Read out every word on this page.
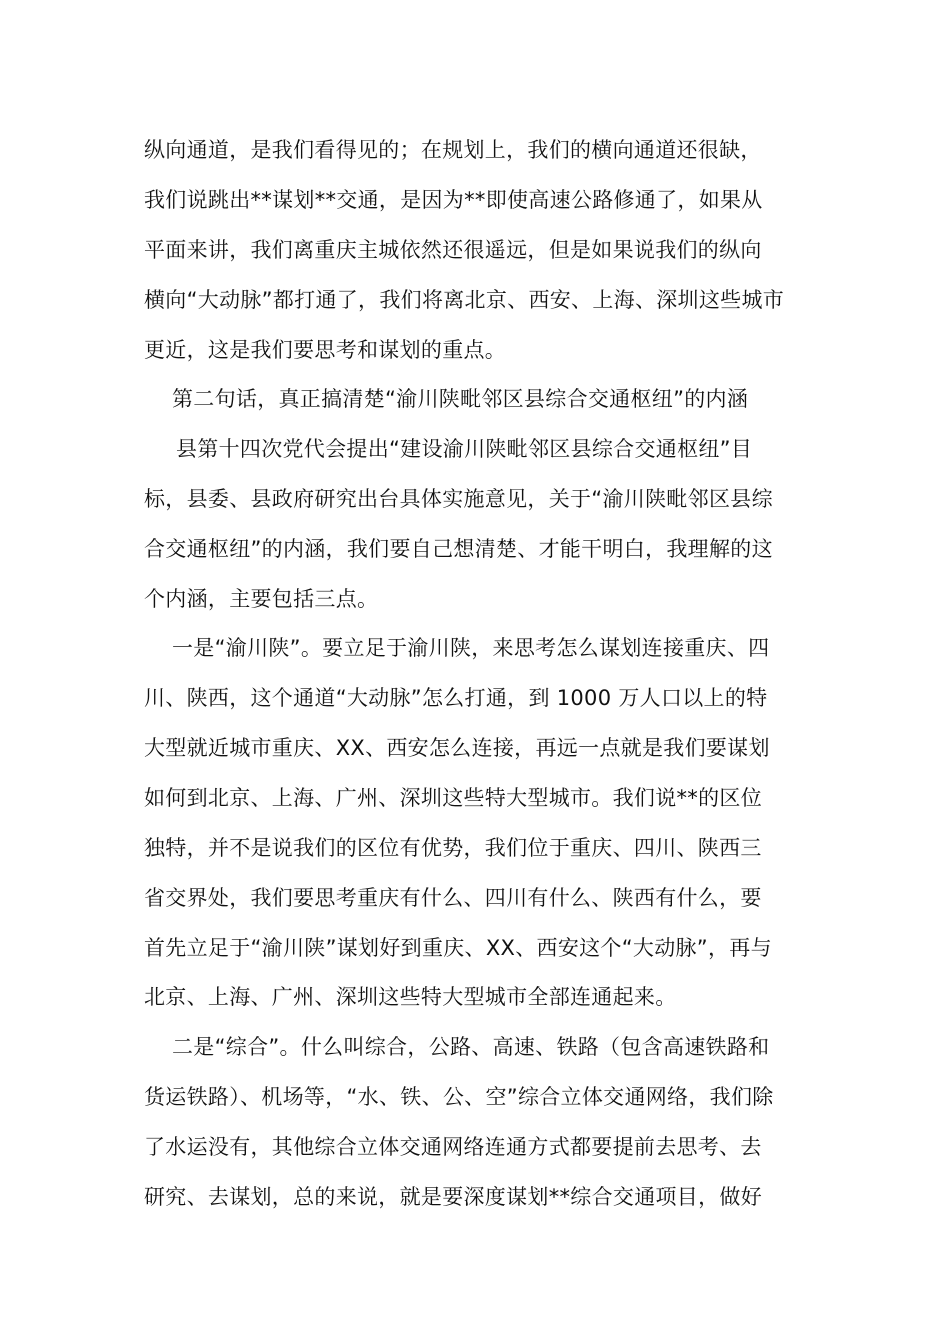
纵向通道，是我们看得见的；在规划上，我们的横向通道还很缺，
我们说跳出**谋划**交通，是因为**即使高速公路修通了，如果从
平面来讲，我们离重庆主城依然还很遥远，但是如果说我们的纵向
横向“大动脉”都打通了，我们将离北京、西安、上海、深圳这些城市
更近，这是我们要思考和谋划的重点。
第二句话，真正搞清楚“渝川陕毗邻区县综合交通枢纽”的内涵
县第十四次党代会提出“建设渝川陕毗邻区县综合交通枢纽”目
标，县委、县政府研究出台具体实施意见，关于“渝川陕毗邻区县综
合交通枢纽”的内涵，我们要自己想清楚、才能干明白，我理解的这
个内涵，主要包括三点。
一是“渝川陕”。要立足于渝川陕，来思考怎么谋划连接重庆、四
川、陕西，这个通道“大动脉”怎么打通，到 1000 万人口以上的特
大型就近城市重庆、XX、西安怎么连接，再远一点就是我们要谋划
如何到北京、上海、广州、深圳这些特大型城市。我们说**的区位
独特，并不是说我们的区位有优势，我们位于重庆、四川、陕西三
省交界处，我们要思考重庆有什么、四川有什么、陕西有什么，要
首先立足于“渝川陕”谋划好到重庆、XX、西安这个“大动脉”，再与
北京、上海、广州、深圳这些特大型城市全部连通起来。
二是“综合”。什么叫综合，公路、高速、铁路（包含高速铁路和
货运铁路）、机场等，“水、铁、公、空”综合立体交通网络，我们除
了水运没有，其他综合立体交通网络连通方式都要提前去思考、去
研究、去谋划，总的来说，就是要深度谋划**综合交通项目，做好
